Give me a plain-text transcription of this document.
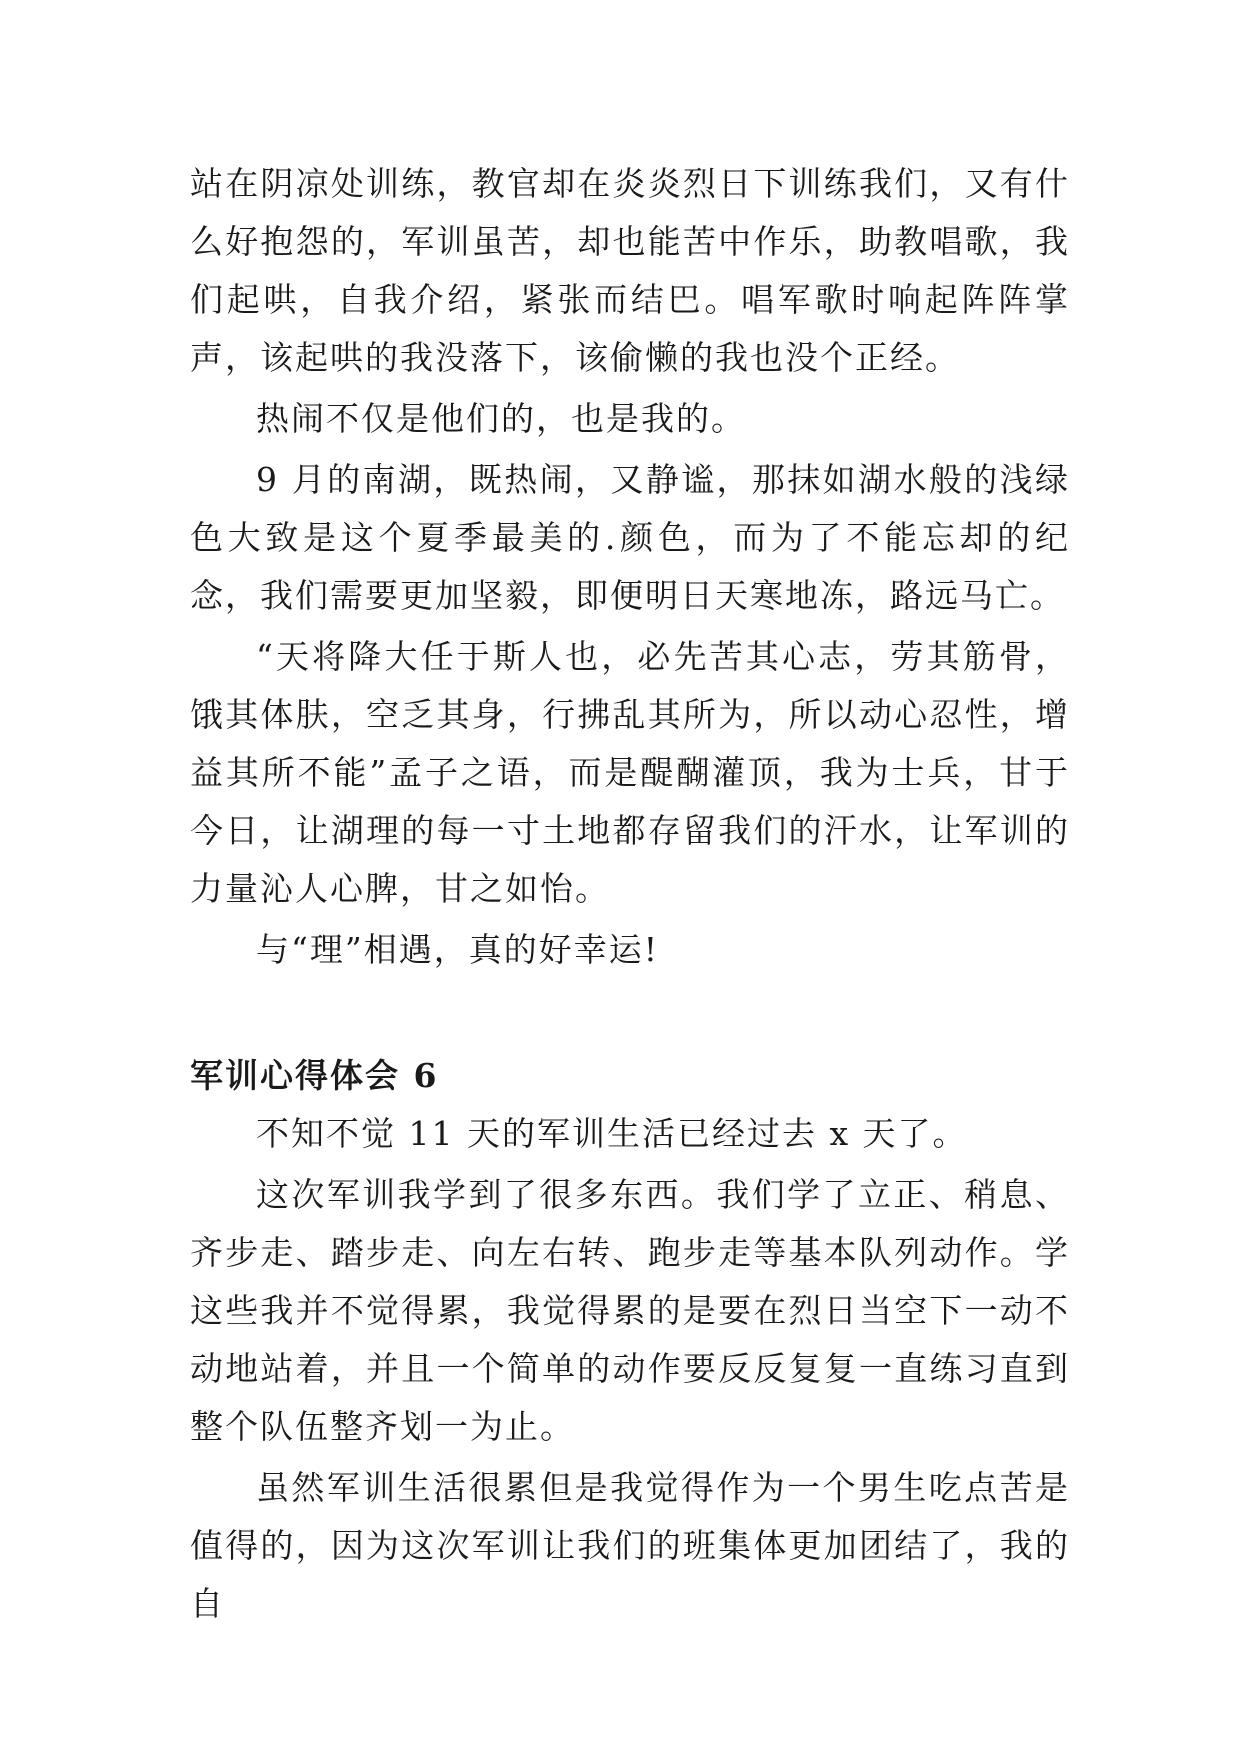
站在阴凉处训练，教官却在炎炎烈日下训练我们，又有什么好抱怨的，军训虽苦，却也能苦中作乐，助教唱歌，我们起哄，自我介绍，紧张而结巴。唱军歌时响起阵阵掌声，该起哄的我没落下，该偷懒的我也没个正经。

热闹不仅是他们的，也是我的。

9 月的南湖，既热闹，又静谧，那抹如湖水般的浅绿色大致是这个夏季最美的.颜色，而为了不能忘却的纪念，我们需要更加坚毅，即便明日天寒地冻，路远马亡。

“天将降大任于斯人也，必先苦其心志，劳其筋骨，饿其体肤，空乏其身，行拂乱其所为，所以动心忍性，增益其所不能”孟子之语，而是醍醐灌顶，我为士兵，甘于今日，让湖理的每一寸土地都存留我们的汗水，让军训的力量沁人心脾，甘之如怡。

与“理”相遇，真的好幸运!

军训心得体会 6

不知不觉 11 天的军训生活已经过去 x 天了。

这次军训我学到了很多东西。我们学了立正、稍息、齐步走、踏步走、向左右转、跑步走等基本队列动作。学这些我并不觉得累，我觉得累的是要在烈日当空下一动不动地站着，并且一个简单的动作要反反复复一直练习直到整个队伍整齐划一为止。

虽然军训生活很累但是我觉得作为一个男生吃点苦是值得的，因为这次军训让我们的班集体更加团结了，我的自
